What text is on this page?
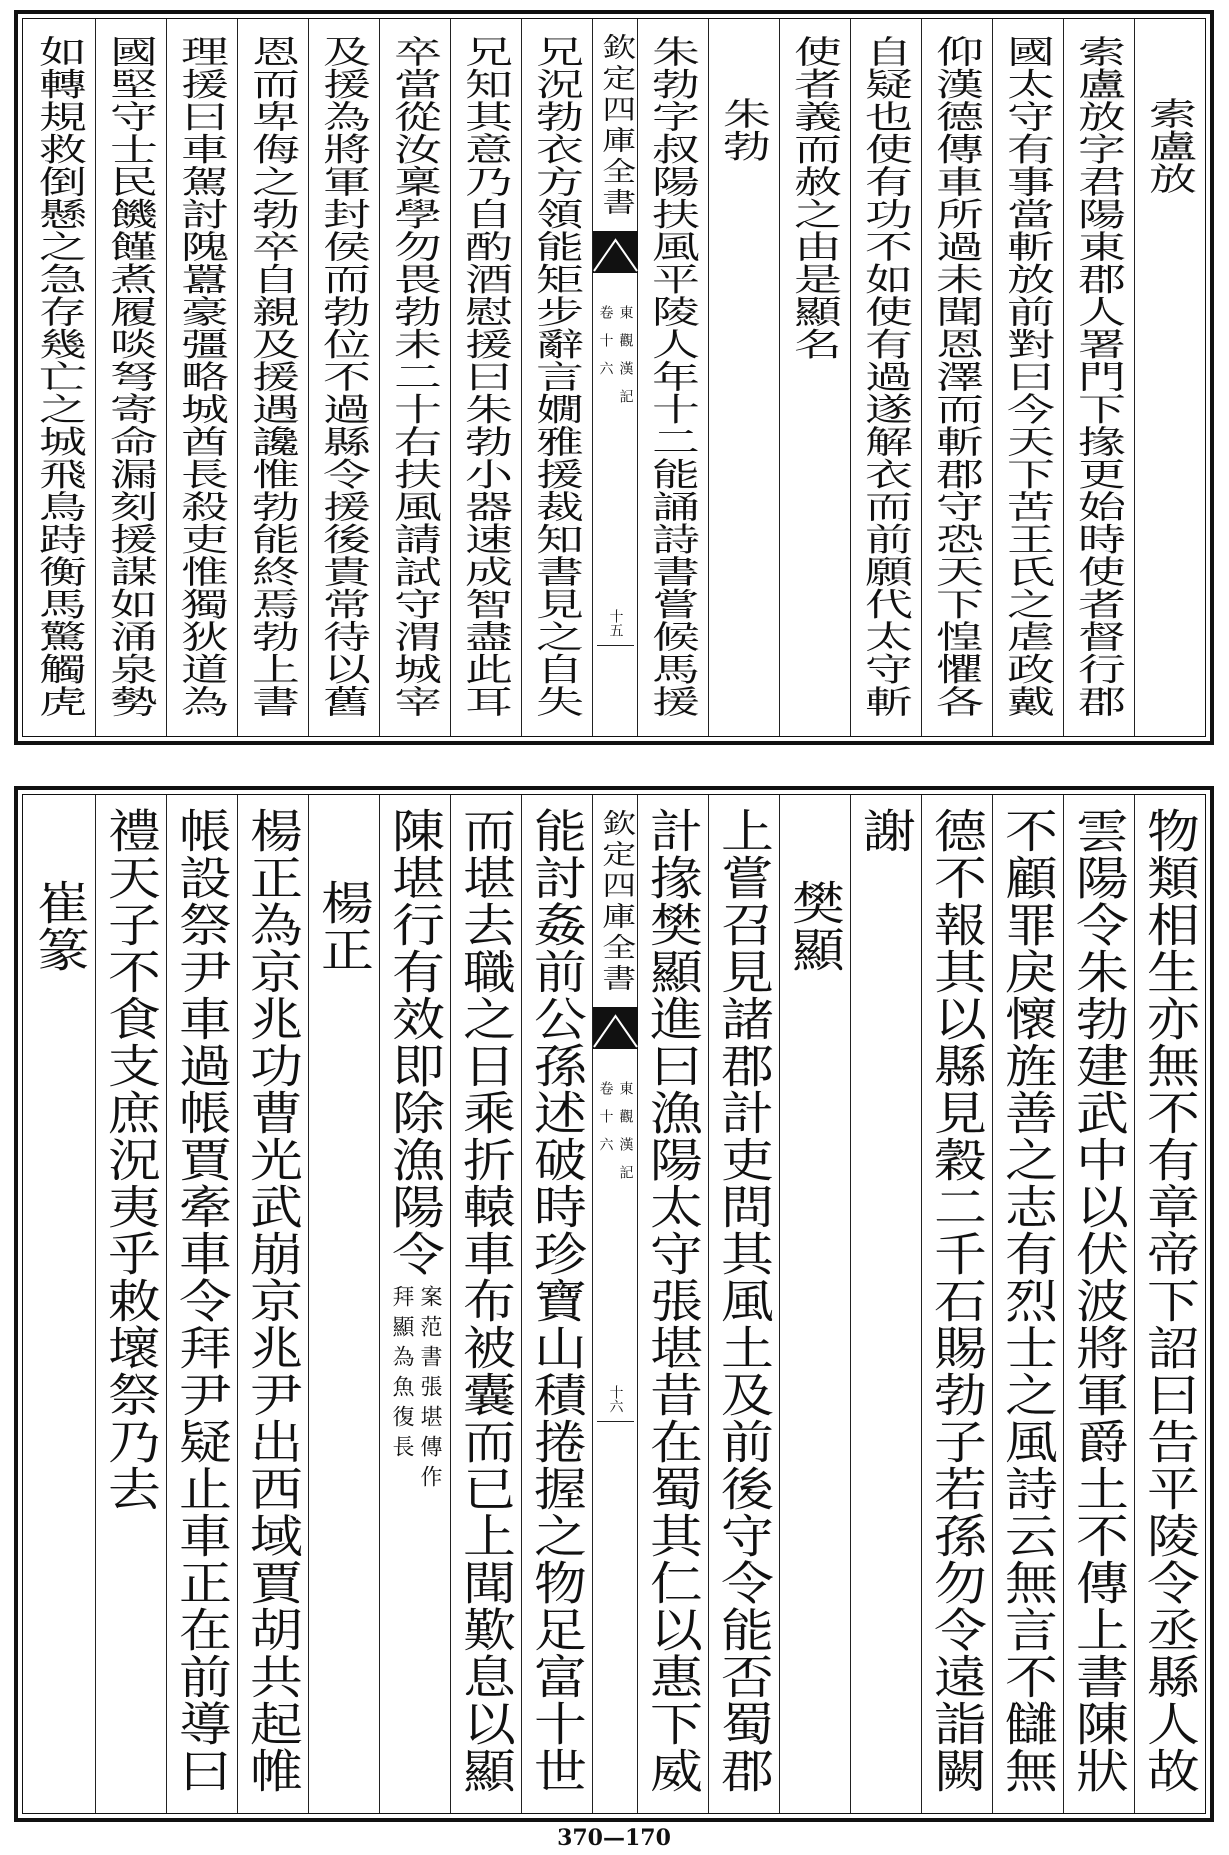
索盧放
索盧放字君陽東郡人署門下掾更始時使者督行郡
國太守有事當斬放前對曰今天下苦王氏之虐政戴
仰漢德傳車所過未聞恩澤而斬郡守恐天下惶懼各
自疑也使有功不如使有過遂解衣而前願代太守斬
使者義而赦之由是顯名
朱勃
朱勃字叔陽扶風平陵人年十二能誦詩書嘗候馬援
欽定四庫全書
東觀漢記
卷十六
十五
兄況勃衣方領能矩步辭言嫺雅援裁知書見之自失
兄知其意乃自酌酒慰援曰朱勃小器速成智盡此耳
卒當從汝稟學勿畏勃未二十右扶風請試守渭城宰
及援為將軍封侯而勃位不過縣令援後貴常待以舊
恩而卑侮之勃卒自親及援遇讒惟勃能終焉勃上書
理援曰車駕討隗囂豪彊略城酋長殺吏惟獨狄道為
國堅守士民饑饉煮履啖弩寄命漏刻援謀如涌泉勢
如轉規救倒懸之急存幾亡之城飛鳥跱衡馬驚觸虎
物類相生亦無不有章帝下詔曰告平陵令丞縣人故
雲陽令朱勃建武中以伏波將軍爵土不傳上書陳狀
不顧罪戾懷旌善之志有烈士之風詩云無言不讎無
德不報其以縣見穀二千石賜勃子若孫勿令遠詣闕
謝
樊顯
上嘗召見諸郡計吏問其風土及前後守令能否蜀郡
計掾樊顯進曰漁陽太守張堪昔在蜀其仁以惠下威
欽定四庫全書
東觀漢記
卷十六
十六
能討姦前公孫述破時珍寶山積捲握之物足富十世
而堪去職之日乘折轅車布被囊而已上聞歎息以顯
陳堪行有效即除漁陽令
案范書張堪傳作
拜顯為魚復長
楊正
楊正為京兆功曹光武崩京兆尹出西域賈胡共起帷
帳設祭尹車過帳賈牽車令拜尹疑止車正在前導曰
禮天子不食支庶況夷乎敕壞祭乃去
崔篆
370—170
